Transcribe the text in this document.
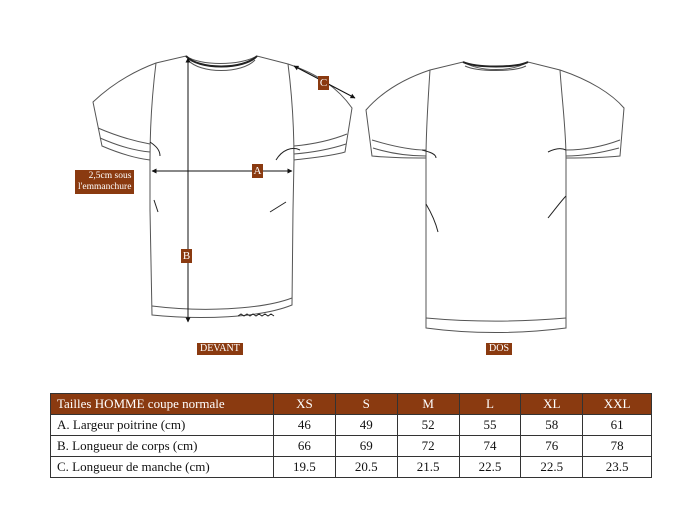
A
B
C
2,5cm sous
l'emmanchure
DEVANT	DOS
Tailles HOMME coupe normale	XS	S	M	L	XL	XXL
A. Largeur poitrine (cm)	46	49	52	55	58	61
B. Longueur de corps (cm)	66	69	72	74	76	78
C. Longueur de manche (cm)	19.5	20.5	21.5	22.5	22.5	23.5
